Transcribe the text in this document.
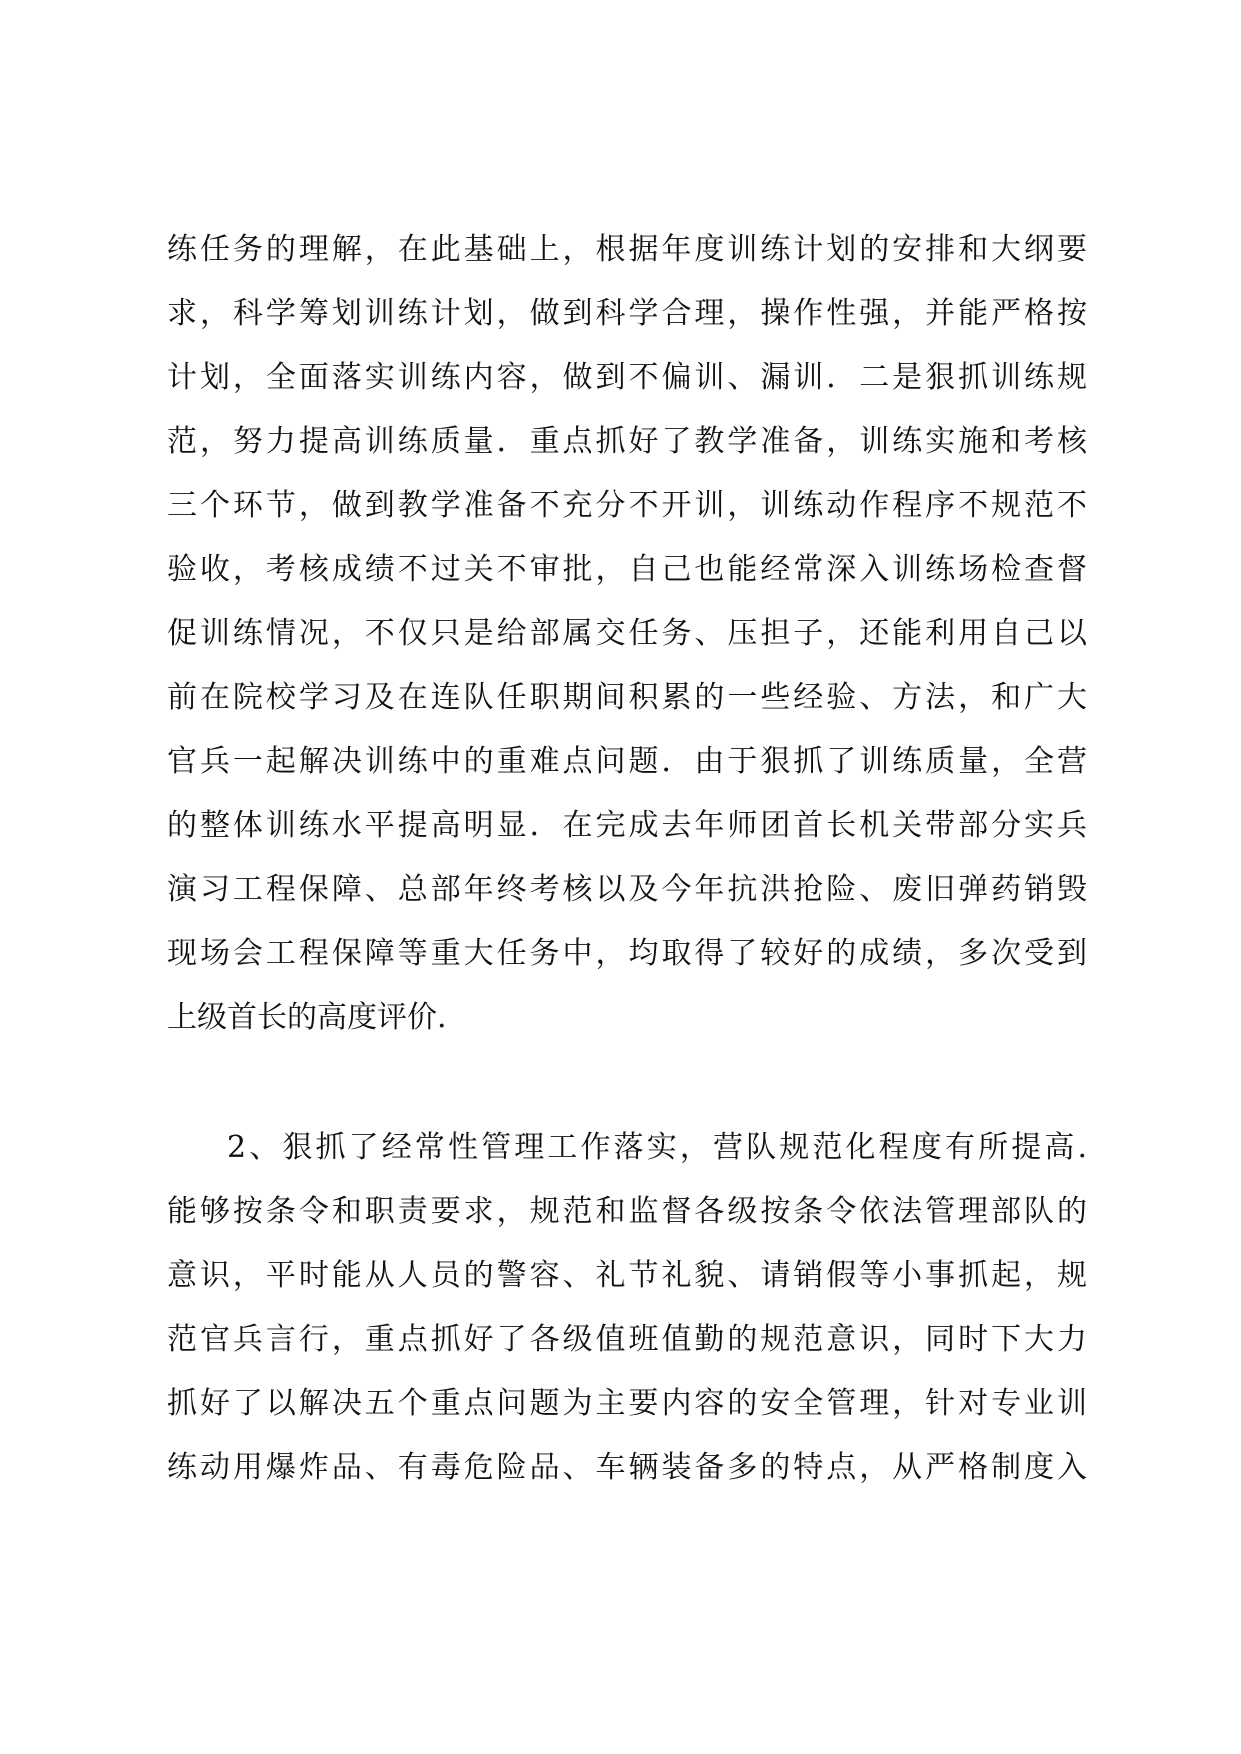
练任务的理解，在此基础上，根据年度训练计划的安排和大纲要
求，科学筹划训练计划，做到科学合理，操作性强，并能严格按
计划，全面落实训练内容，做到不偏训、漏训．二是狠抓训练规
范，努力提高训练质量．重点抓好了教学准备，训练实施和考核
三个环节，做到教学准备不充分不开训，训练动作程序不规范不
验收，考核成绩不过关不审批，自己也能经常深入训练场检查督
促训练情况，不仅只是给部属交任务、压担子，还能利用自己以
前在院校学习及在连队任职期间积累的一些经验、方法，和广大
官兵一起解决训练中的重难点问题．由于狠抓了训练质量，全营
的整体训练水平提高明显．在完成去年师团首长机关带部分实兵
演习工程保障、总部年终考核以及今年抗洪抢险、废旧弹药销毁
现场会工程保障等重大任务中，均取得了较好的成绩，多次受到
上级首长的高度评价.
2、狠抓了经常性管理工作落实，营队规范化程度有所提高.
能够按条令和职责要求，规范和监督各级按条令依法管理部队的
意识，平时能从人员的警容、礼节礼貌、请销假等小事抓起，规
范官兵言行，重点抓好了各级值班值勤的规范意识，同时下大力
抓好了以解决五个重点问题为主要内容的安全管理，针对专业训
练动用爆炸品、有毒危险品、车辆装备多的特点，从严格制度入
